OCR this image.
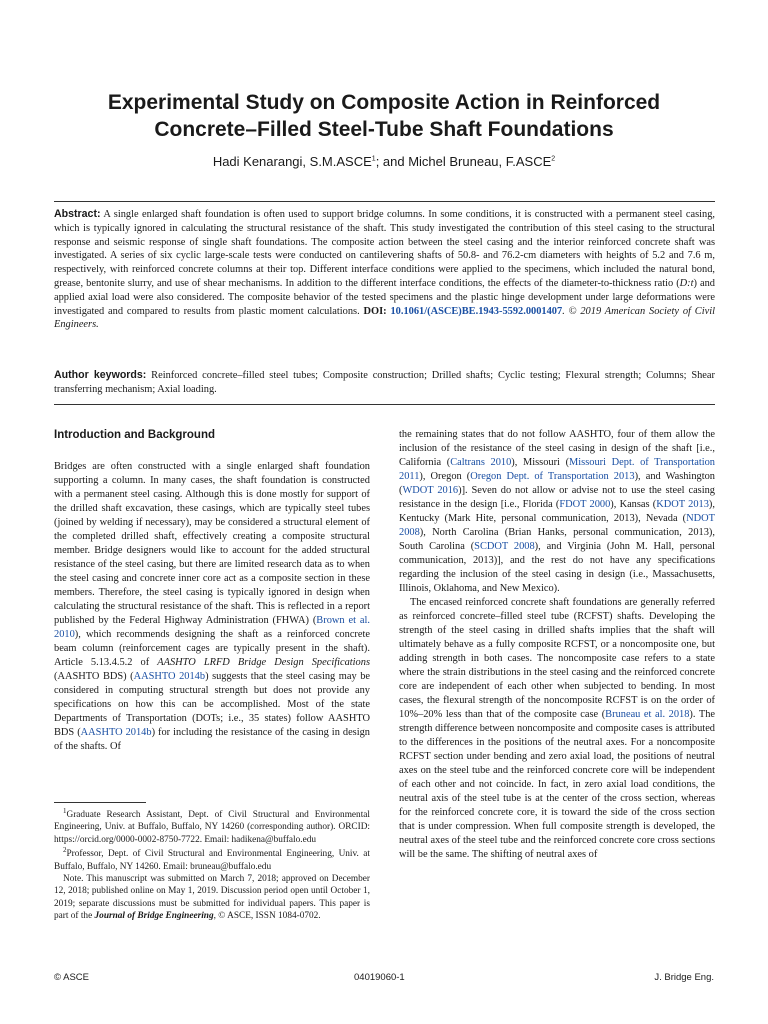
Experimental Study on Composite Action in Reinforced
Concrete–Filled Steel-Tube Shaft Foundations
Hadi Kenarangi, S.M.ASCE$^1$; and Michel Bruneau, F.ASCE$^2$
Abstract: A single enlarged shaft foundation is often used to support bridge columns. In some conditions, it is constructed with a permanent steel casing, which is typically ignored in calculating the structural resistance of the shaft. This study investigated the contribution of this steel casing to the structural response and seismic response of single shaft foundations. The composite action between the steel casing and the interior reinforced concrete shaft was investigated. A series of six cyclic large-scale tests were conducted on cantilevering shafts of 50.8- and 76.2-cm diameters with heights of 5.2 and 7.6 m, respectively, with reinforced concrete columns at their top. Different interface conditions were applied to the specimens, which included the natural bond, grease, bentonite slurry, and use of shear mechanisms. In addition to the different interface conditions, the effects of the diameter-to-thickness ratio (D:t) and applied axial load were also considered. The composite behavior of the tested specimens and the plastic hinge development under large deformations were investigated and compared to results from plastic moment calculations. DOI: 10.1061/(ASCE)BE.1943-5592.0001407. © 2019 American Society of Civil Engineers.
Author keywords: Reinforced concrete–filled steel tubes; Composite construction; Drilled shafts; Cyclic testing; Flexural strength; Columns; Shear transferring mechanism; Axial loading.
Introduction and Background

Bridges are often constructed with a single enlarged shaft foundation supporting a column. In many cases, the shaft foundation is constructed with a permanent steel casing. Although this is done mostly for support of the drilled shaft excavation, these casings, which are typically steel tubes (joined by welding if necessary), may be considered a structural element of the completed drilled shaft, effectively creating a composite structural member. Bridge designers would like to account for the added structural resistance of the steel casing, but there are limited research data as to when the steel casing and concrete inner core act as a composite section in these members. Therefore, the steel casing is typically ignored in design when calculating the structural resistance of the shaft. This is reflected in a report published by the Federal Highway Administration (FHWA) (Brown et al. 2010), which recommends designing the shaft as a reinforced concrete beam column (reinforcement cages are typically present in the shaft). Article 5.13.4.5.2 of AASHTO LRFD Bridge Design Specifications (AASHTO BDS) (AASHTO 2014b) suggests that the steel casing may be considered in computing structural strength but does not provide any specifications on how this can be accomplished. Most of the state Departments of Transportation (DOTs; i.e., 35 states) follow AASHTO BDS (AASHTO 2014b) for including the resistance of the casing in design of the shafts. Of

$^1$Graduate Research Assistant, Dept. of Civil Structural and Environmental Engineering, Univ. at Buffalo, Buffalo, NY 14260 (corresponding author). ORCID: https://orcid.org/0000-0002-8750-7722. Email: hadikena@buffalo.edu

$^2$Professor, Dept. of Civil Structural and Environmental Engineering, Univ. at Buffalo, Buffalo, NY 14260. Email: bruneau@buffalo.edu

Note. This manuscript was submitted on March 7, 2018; approved on December 12, 2018; published online on May 1, 2019. Discussion period open until October 1, 2019; separate discussions must be submitted for individual papers. This paper is part of the Journal of Bridge Engineering, © ASCE, ISSN 1084-0702.

the remaining states that do not follow AASHTO, four of them allow the inclusion of the resistance of the steel casing in design of the shaft [i.e., California (Caltrans 2010), Missouri (Missouri Dept. of Transportation 2011), Oregon (Oregon Dept. of Transportation 2013), and Washington (WDOT 2016)]. Seven do not allow or advise not to use the steel casing resistance in the design [i.e., Florida (FDOT 2000), Kansas (KDOT 2013), Kentucky (Mark Hite, personal communication, 2013), Nevada (NDOT 2008), North Carolina (Brian Hanks, personal communication, 2013), South Carolina (SCDOT 2008), and Virginia (John M. Hall, personal communication, 2013)], and the rest do not have any specifications regarding the inclusion of the steel casing in design (i.e., Massachusetts, Illinois, Oklahoma, and New Mexico).

The encased reinforced concrete shaft foundations are generally referred as reinforced concrete–filled steel tube (RCFST) shafts. Developing the strength of the steel casing in drilled shafts implies that the shaft will ultimately behave as a fully composite RCFST, or a noncomposite one, but adding strength in both cases. The noncomposite case refers to a state where the strain distributions in the steel casing and the reinforced concrete core are independent of each other when subjected to bending. In most cases, the flexural strength of the noncomposite RCFST is on the order of 10%–20% less than that of the composite case (Bruneau et al. 2018). The strength difference between noncomposite and composite cases is attributed to the differences in the positions of the neutral axes. For a noncomposite RCFST section under bending and zero axial load, the positions of neutral axes on the steel tube and the reinforced concrete core will be independent of each other and not coincide. In fact, in zero axial load conditions, the neutral axis of the steel tube is at the center of the cross section, whereas for the reinforced concrete core, it is toward the side of the cross section that is under compression. When full composite strength is developed, the neutral axes of the steel tube and the reinforced concrete core cross sections will be the same. The shifting of neutral axes of

© ASCE	04019060-1	J. Bridge Eng.
